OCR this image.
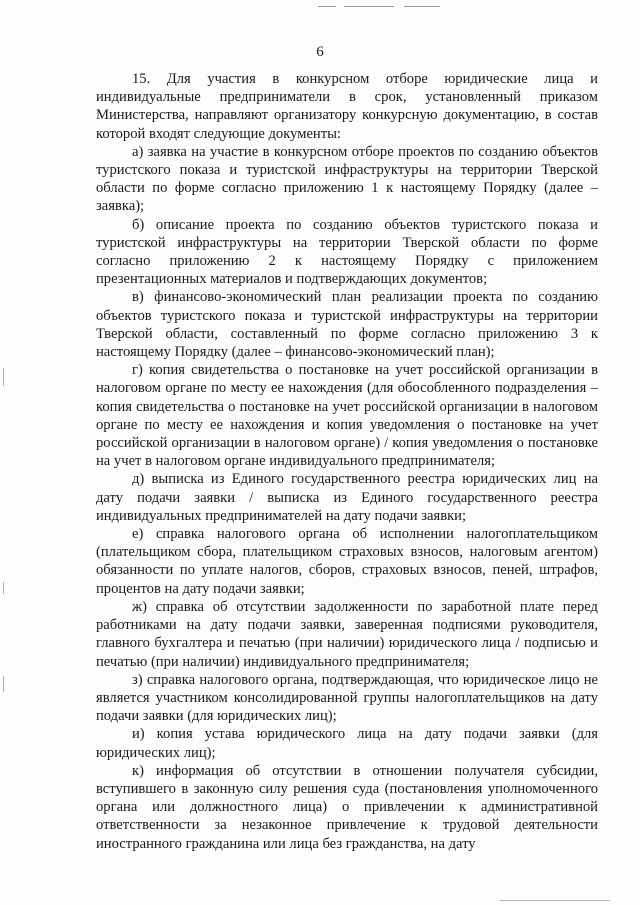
6

15. Для участия в конкурсном отборе юридические лица и индивидуальные предприниматели в срок, установленный приказом Министерства, направляют организатору конкурсную документацию, в состав которой входят следующие документы:

а) заявка на участие в конкурсном отборе проектов по созданию объектов туристского показа и туристской инфраструктуры на территории Тверской области по форме согласно приложению 1 к настоящему Порядку (далее – заявка);

б) описание проекта по созданию объектов туристского показа и туристской инфраструктуры на территории Тверской области по форме согласно приложению 2 к настоящему Порядку с приложением презентационных материалов и подтверждающих документов;

в) финансово-экономический план реализации проекта по созданию объектов туристского показа и туристской инфраструктуры на территории Тверской области, составленный по форме согласно приложению 3 к настоящему Порядку (далее – финансово-экономический план);

г) копия свидетельства о постановке на учет российской организации в налоговом органе по месту ее нахождения (для обособленного подразделения – копия свидетельства о постановке на учет российской организации в налоговом органе по месту ее нахождения и копия уведомления о постановке на учет российской организации в налоговом органе) / копия уведомления о постановке на учет в налоговом органе индивидуального предпринимателя;

д) выписка из Единого государственного реестра юридических лиц на дату подачи заявки / выписка из Единого государственного реестра индивидуальных предпринимателей на дату подачи заявки;

е) справка налогового органа об исполнении налогоплательщиком (плательщиком сбора, плательщиком страховых взносов, налоговым агентом) обязанности по уплате налогов, сборов, страховых взносов, пеней, штрафов, процентов на дату подачи заявки;

ж) справка об отсутствии задолженности по заработной плате перед работниками на дату подачи заявки, заверенная подписями руководителя, главного бухгалтера и печатью (при наличии) юридического лица / подписью и печатью (при наличии) индивидуального предпринимателя;

з) справка налогового органа, подтверждающая, что юридическое лицо не является участником консолидированной группы налогоплательщиков на дату подачи заявки (для юридических лиц);

и) копия устава юридического лица на дату подачи заявки (для юридических лиц);

к) информация об отсутствии в отношении получателя субсидии, вступившего в законную силу решения суда (постановления уполномоченного органа или должностного лица) о привлечении к административной ответственности за незаконное привлечение к трудовой деятельности иностранного гражданина или лица без гражданства, на дату
